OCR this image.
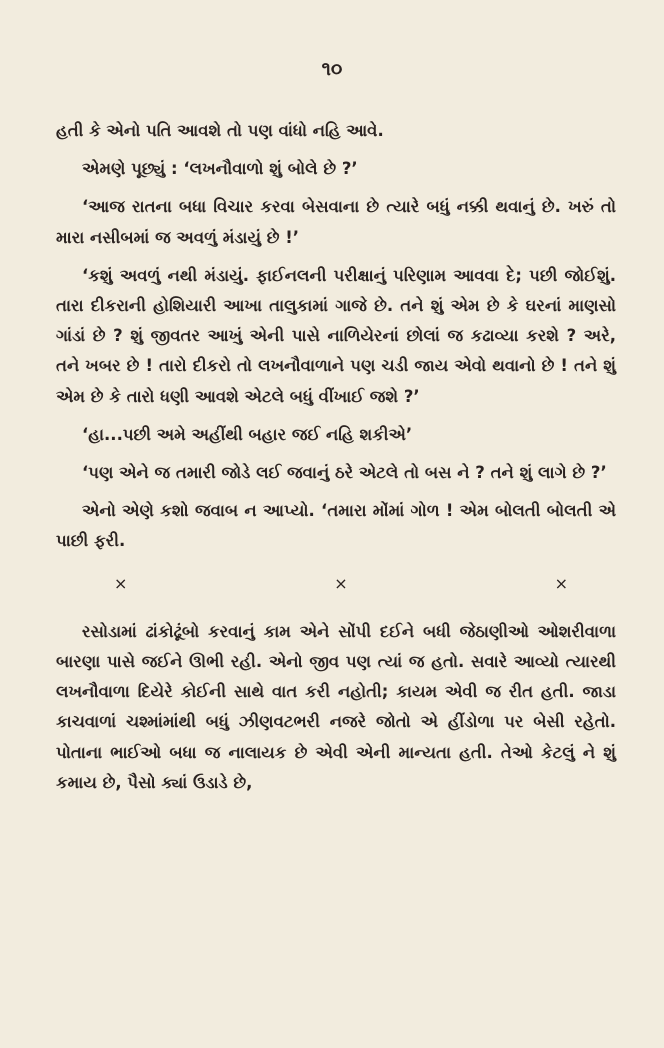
૧૦

હતી કે એનો પતિ આવશે તો પણ વાંધો નહિ આવે.

એમણે પૂછ્યું : ‘લખનૌવાળો શું બોલે છે ?’

‘આજ રાતના બધા વિચાર કરવા બેસવાના છે ત્યારે બધું નક્કી થવાનું છે. ખરું તો મારા નસીબમાં જ અવળું મંડાયું છે !’

‘કશું અવળું નથી મંડાયું. ફાઈનલની પરીક્ષાનું પરિણામ આવવા દે; પછી જોઈશું. તારા દીકરાની હોશિયારી આખા તાલુકામાં ગાજે છે. તને શું એમ છે કે ઘરનાં માણસો ગાંડાં છે ? શું જીવતર આખું એની પાસે નાળિયેરનાં છોલાં જ કઢાવ્યા કરશે ? અરે, તને ખબર છે ! તારો દીકરો તો લખનૌવાળાને પણ ચડી જાય એવો થવાનો છે ! તને શું એમ છે કે તારો ધણી આવશે એટલે બધું વીંખાઈ જશે ?’

‘હા...પછી અમે અહીંથી બહાર જઈ નહિ શકીએ’

‘પણ એને જ તમારી જોડે લઈ જવાનું ઠરે એટલે તો બસ ને ? તને શું લાગે છે ?’

એનો એણે કશો જવાબ ન આપ્યો. ‘તમારા મોંમાં ગોળ ! એમ બોલતી બોલતી એ પાછી ફરી.

×	×	×

રસોડામાં ઢાંકોઢૂંબો કરવાનું કામ એને સોંપી દઈને બધી જેઠાણીઓ ઓશરીવાળા બારણા પાસે જઈને ઊભી રહી. એનો જીવ પણ ત્યાં જ હતો. સવારે આવ્યો ત્યારથી લખનૌવાળા દિયેરે કોઈની સાથે વાત કરી નહોતી; કાયમ એવી જ રીત હતી. જાડા કાચવાળાં ચશ્માંમાંથી બધું ઝીણવટભરી નજરે જોતો એ હીંડોળા પર બેસી રહેતો. પોતાના ભાઈઓ બધા જ નાલાયક છે એવી એની માન્યતા હતી. તેઓ કેટલું ને શું કમાય છે, પૈસો ક્યાં ઉડાડે છે,
